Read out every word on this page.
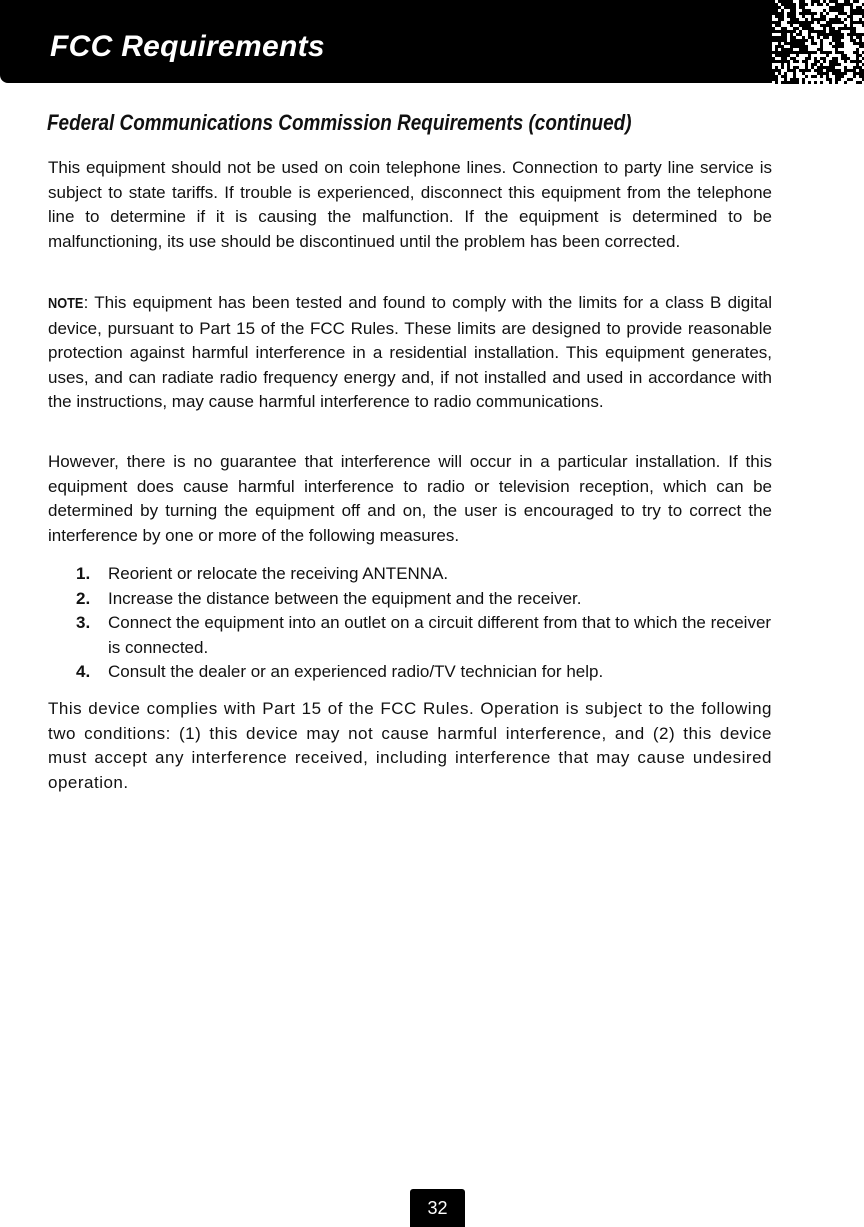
FCC Requirements
Federal Communications Commission Requirements (continued)

This equipment should not be used on coin telephone lines. Connection to party line service is subject to state tariffs. If trouble is experienced, disconnect this equipment from the telephone line to determine if it is causing the malfunction. If the equipment is determined to be malfunctioning, its use should be discontinued until the problem has been corrected.

NOTE: This equipment has been tested and found to comply with the limits for a class B digital device, pursuant to Part 15 of the FCC Rules. These limits are designed to provide reasonable protection against harmful interference in a residential installation. This equipment generates, uses, and can radiate radio frequency energy and, if not installed and used in accordance with the instructions, may cause harmful interference to radio communications.

However, there is no guarantee that interference will occur in a particular installation. If this equipment does cause harmful interference to radio or television reception, which can be determined by turning the equipment off and on, the user is encouraged to try to correct the interference by one or more of the following measures.

1.	Reorient or relocate the receiving ANTENNA.
2.	Increase the distance between the equipment and the receiver.
3.	Connect the equipment into an outlet on a circuit different from that to which the receiver is connected.
4.	Consult the dealer or an experienced radio/TV technician for help.

This device complies with Part 15 of the FCC Rules. Operation is subject to the following two conditions: (1) this device may not cause harmful interference, and (2) this device must accept any interference received, including interference that may cause undesired operation.

32
